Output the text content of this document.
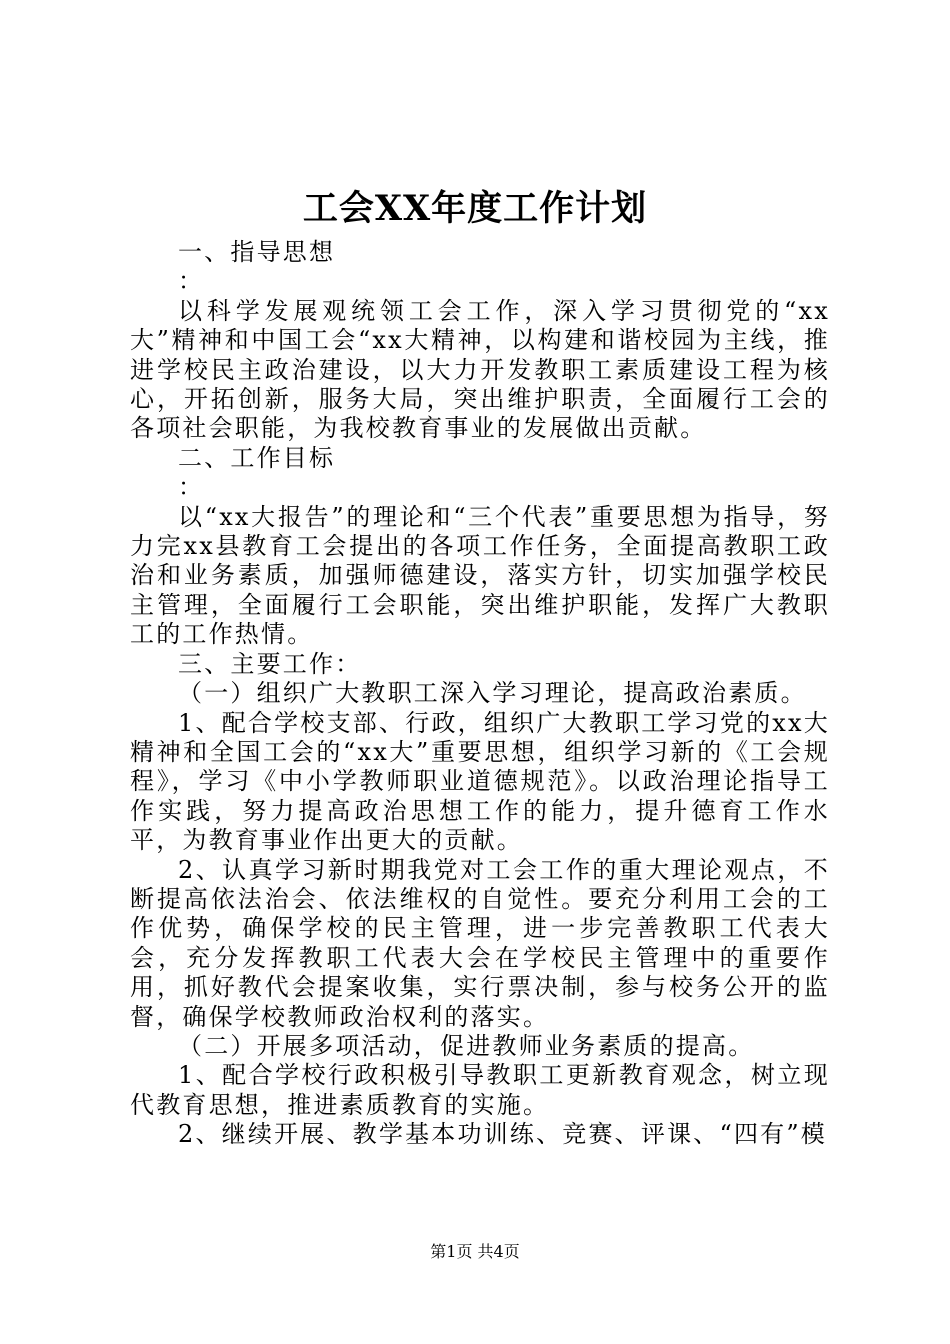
工会XX年度工作计划

一、指导思想

：

以科学发展观统领工会工作，深入学习贯彻党的“xx大”精神和中国工会“xx大精神，以构建和谐校园为主线，推进学校民主政治建设，以大力开发教职工素质建设工程为核心，开拓创新，服务大局，突出维护职责，全面履行工会的各项社会职能，为我校教育事业的发展做出贡献。

二、工作目标

：

以“xx大报告”的理论和“三个代表”重要思想为指导，努力完xx县教育工会提出的各项工作任务，全面提高教职工政治和业务素质，加强师德建设，落实方针，切实加强学校民主管理，全面履行工会职能，突出维护职能，发挥广大教职工的工作热情。

三、主要工作：

（一）组织广大教职工深入学习理论，提高政治素质。

1、配合学校支部、行政，组织广大教职工学习党的xx大精神和全国工会的“xx大”重要思想，组织学习新的《工会规程》，学习《中小学教师职业道德规范》。以政治理论指导工作实践，努力提高政治思想工作的能力，提升德育工作水平，为教育事业作出更大的贡献。

2、认真学习新时期我党对工会工作的重大理论观点，不断提高依法治会、依法维权的自觉性。要充分利用工会的工作优势，确保学校的民主管理，进一步完善教职工代表大会，充分发挥教职工代表大会在学校民主管理中的重要作用，抓好教代会提案收集，实行票决制，参与校务公开的监督，确保学校教师政治权利的落实。

（二）开展多项活动，促进教师业务素质的提高。

1、配合学校行政积极引导教职工更新教育观念，树立现代教育思想，推进素质教育的实施。

2、继续开展、教学基本功训练、竞赛、评课、“四有”模

第1页 共4页
